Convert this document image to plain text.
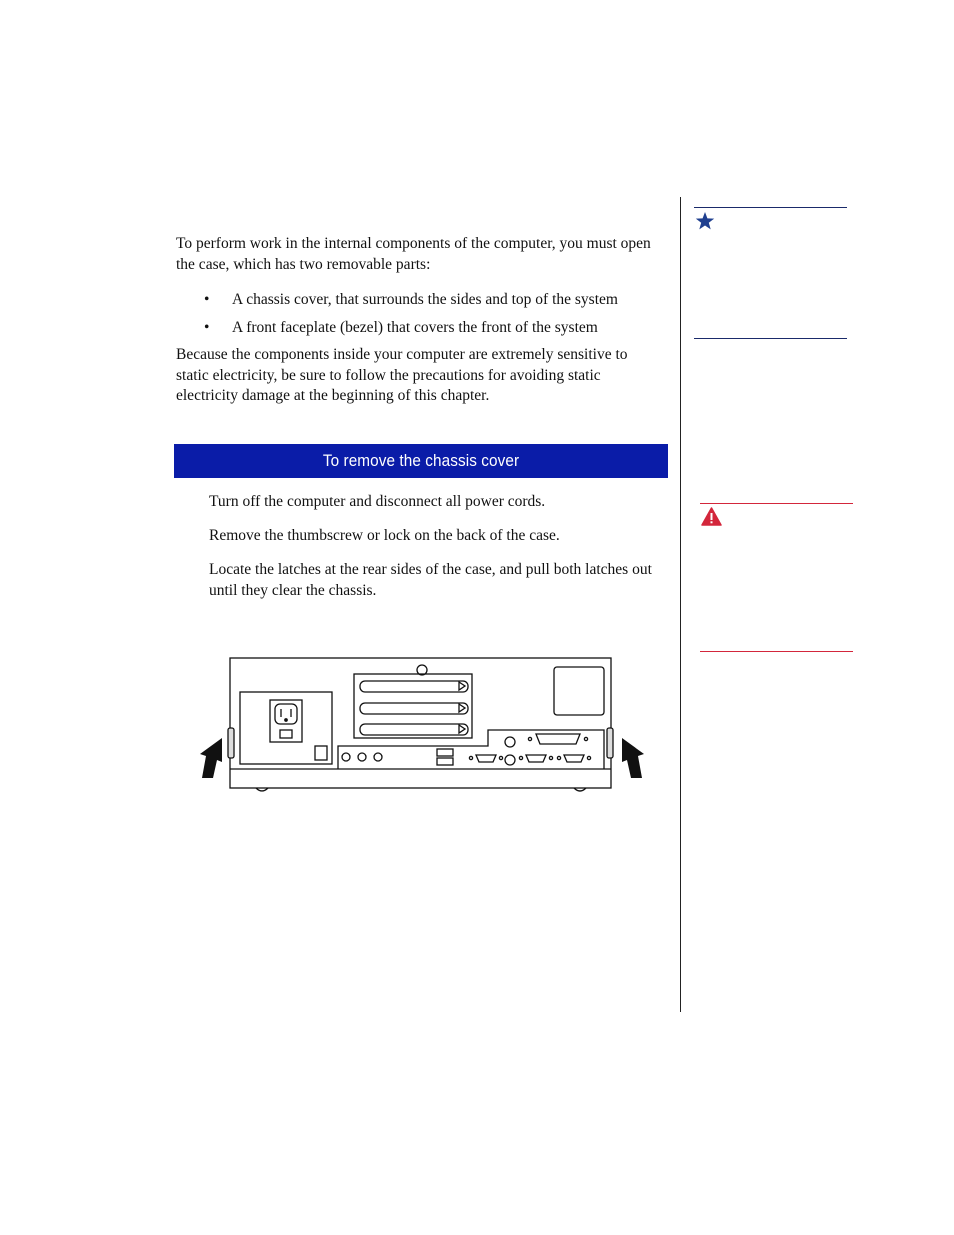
To perform work in the internal components of the computer, you must open the case, which has two removable parts:

• A chassis cover, that surrounds the sides and top of the system
• A front faceplate (bezel) that covers the front of the system

Because the components inside your computer are extremely sensitive to static electricity, be sure to follow the precautions for avoiding static electricity damage at the beginning of this chapter.

To remove the chassis cover

Turn off the computer and disconnect all power cords.

Remove the thumbscrew or lock on the back of the case.

Locate the latches at the rear sides of the case, and pull both latches out until they clear the chassis.
